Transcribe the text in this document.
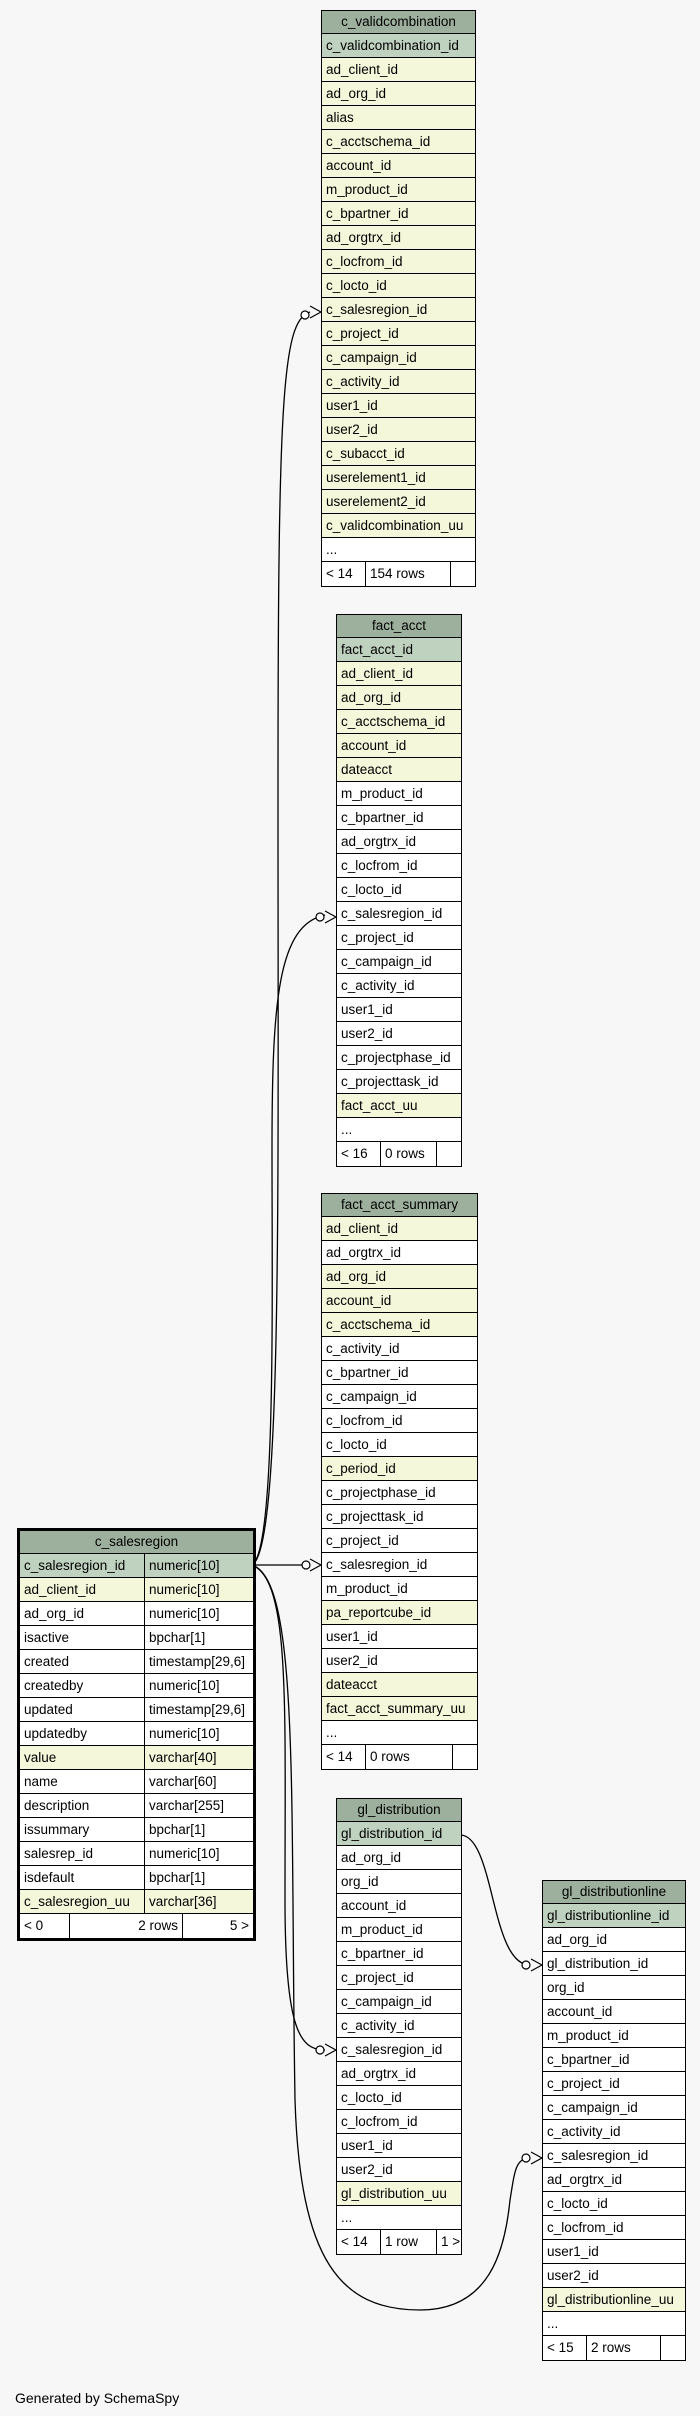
c_validcombination
c_validcombination_id
ad_client_id
ad_org_id
alias
c_acctschema_id
account_id
m_product_id
c_bpartner_id
ad_orgtrx_id
c_locfrom_id
c_locto_id
c_salesregion_id
c_project_id
c_campaign_id
c_activity_id
user1_id
user2_id
c_subacct_id
userelement1_id
userelement2_id
c_validcombination_uu
...
< 14	154 rows
fact_acct
fact_acct_id
ad_client_id
ad_org_id
c_acctschema_id
account_id
dateacct
m_product_id
c_bpartner_id
ad_orgtrx_id
c_locfrom_id
c_locto_id
c_salesregion_id
c_project_id
c_campaign_id
c_activity_id
user1_id
user2_id
c_projectphase_id
c_projecttask_id
fact_acct_uu
...
< 16	0 rows
fact_acct_summary
ad_client_id
ad_orgtrx_id
ad_org_id
account_id
c_acctschema_id
c_activity_id
c_bpartner_id
c_campaign_id
c_locfrom_id
c_locto_id
c_period_id
c_projectphase_id
c_projecttask_id
c_project_id
c_salesregion_id
m_product_id
pa_reportcube_id
user1_id
user2_id
dateacct
fact_acct_summary_uu
...
< 14	0 rows
c_salesregion
c_salesregion_id	numeric[10]
ad_client_id	numeric[10]
ad_org_id	numeric[10]
isactive	bpchar[1]
created	timestamp[29,6]
createdby	numeric[10]
updated	timestamp[29,6]
updatedby	numeric[10]
value	varchar[40]
name	varchar[60]
description	varchar[255]
issummary	bpchar[1]
salesrep_id	numeric[10]
isdefault	bpchar[1]
c_salesregion_uu	varchar[36]
< 0	2 rows	5 >
gl_distribution
gl_distribution_id
ad_org_id
org_id
account_id
m_product_id
c_bpartner_id
c_project_id
c_campaign_id
c_activity_id
c_salesregion_id
ad_orgtrx_id
c_locto_id
c_locfrom_id
user1_id
user2_id
gl_distribution_uu
...
< 14	1 row	1 >
gl_distributionline
gl_distributionline_id
ad_org_id
gl_distribution_id
org_id
account_id
m_product_id
c_bpartner_id
c_project_id
c_campaign_id
c_activity_id
c_salesregion_id
ad_orgtrx_id
c_locto_id
c_locfrom_id
user1_id
user2_id
gl_distributionline_uu
...
< 15	2 rows
Generated by SchemaSpy
